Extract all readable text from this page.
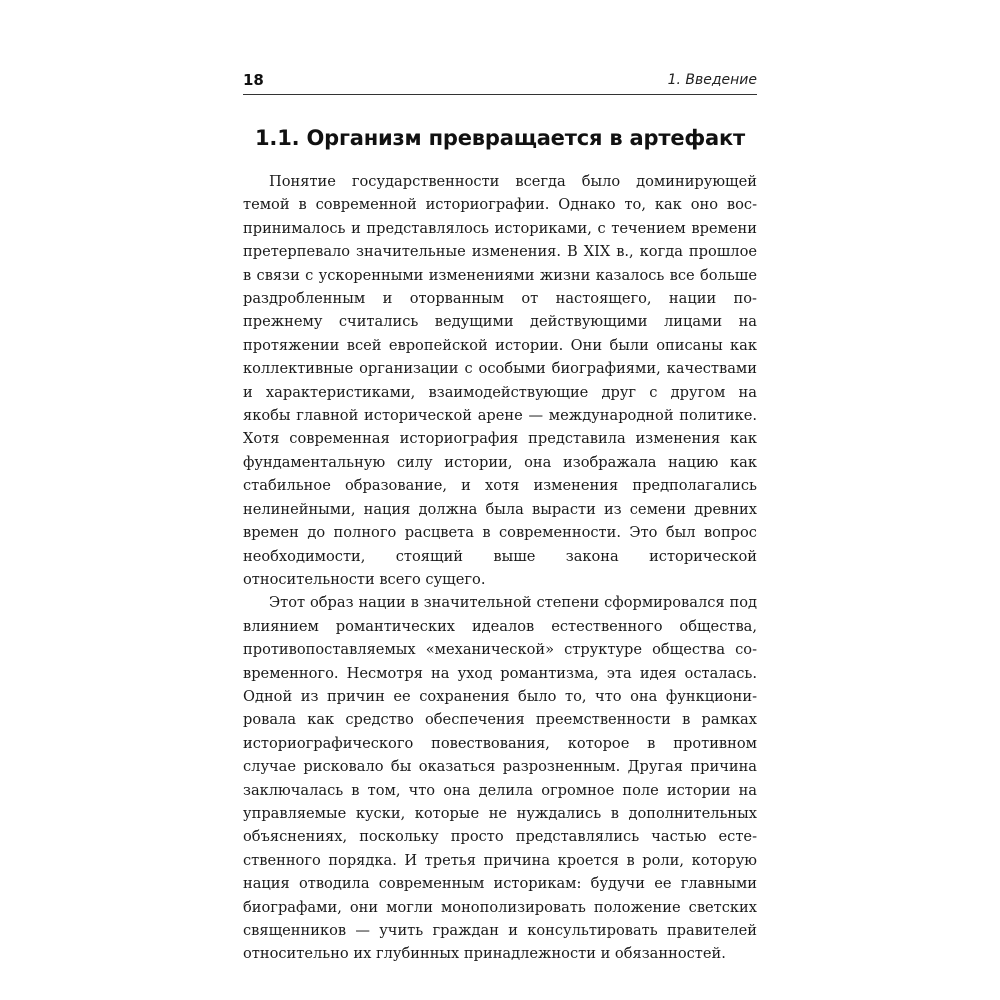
18	1. Введение
1.1. Организм превращается в артефакт

Понятие государственности всегда было доминирующей темой в современной историографии. Однако то, как оно воспринималось и представлялось историками, с течением времени претерпевало значительные изменения. В XIX в., когда прошлое в связи с ускоренными изменениями жизни казалось все больше раздробленным и оторванным от настоящего, нации по-прежнему считались ведущими действующими лицами на протяжении всей европейской истории. Они были описаны как коллективные организации с особыми биографиями, качествами и характеристиками, взаимодействующие друг с другом на якобы главной исторической арене — международной политике. Хотя современная историография представила изменения как фундаментальную силу истории, она изображала нацию как стабильное образование, и хотя изменения предполагались нелинейными, нация должна была вырасти из семени древних времен до полного расцвета в современности. Это был вопрос необходимости, стоящий выше закона исторической относительности всего сущего.

Этот образ нации в значительной степени сформировался под влиянием романтических идеалов естественного общества, противопоставляемых «механической» структуре общества современного. Несмотря на уход романтизма, эта идея осталась. Одной из причин ее сохранения было то, что она функционировала как средство обеспечения преемственности в рамках историографического повествования, которое в противном случае рисковало бы оказаться разрозненным. Другая причина заключалась в том, что она делила огромное поле истории на управляемые куски, которые не нуждались в дополнительных объяснениях, поскольку просто представлялись частью естественного порядка. И третья причина кроется в роли, которую нация отводила современным историкам: будучи ее главными биографами, они могли монополизировать положение светских священников — учить граждан и консультировать правителей относительно их глубинных принадлежности и обязанностей.
